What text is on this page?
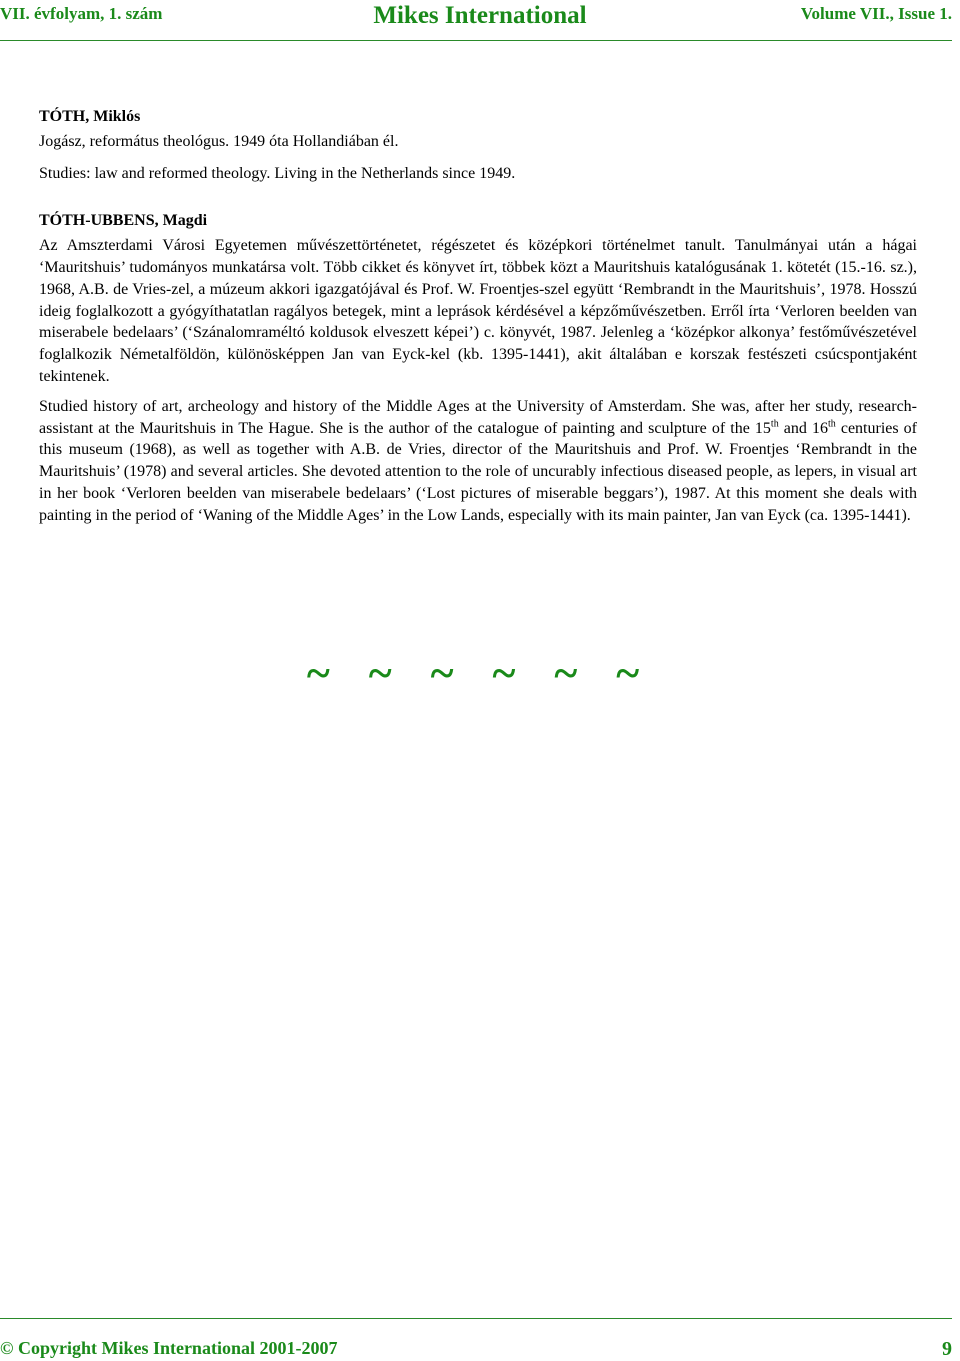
VII. évfolyam, 1. szám	Mikes International	Volume VII., Issue 1.

TÓTH, Miklós

Jogász, református theológus. 1949 óta Hollandiában él.

Studies: law and reformed theology. Living in the Netherlands since 1949.

TÓTH-UBBENS, Magdi

Az Amszterdami Városi Egyetemen művészettörténetet, régészetet és középkori történelmet tanult. Tanulmányai után a hágai ‘Mauritshuis’ tudományos munkatársa volt. Több cikket és könyvet írt, többek közt a Mauritshuis katalógusának 1. kötetét (15.-16. sz.), 1968, A.B. de Vries-zel, a múzeum akkori igazgatójával és Prof. W. Froentjes-szel együtt ‘Rembrandt in the Mauritshuis’, 1978. Hosszú ideig foglalkozott a gyógyíthatatlan ragályos betegek, mint a leprások kérdésével a képzőművészetben. Erről írta ‘Verloren beelden van miserabele bedelaars’ (‘Szánalomraméltó koldusok elveszett képei’) c. könyvét, 1987. Jelenleg a ‘középkor alkonya’ festőművészetével foglalkozik Németalföldön, különösképpen Jan van Eyck-kel (kb. 1395-1441), akit általában e korszak festészeti csúcspontjaként tekintenek.

Studied history of art, archeology and history of the Middle Ages at the University of Amsterdam. She was, after her study, research-assistant at the Mauritshuis in The Hague. She is the author of the catalogue of painting and sculpture of the 15th and 16th centuries of this museum (1968), as well as together with A.B. de Vries, director of the Mauritshuis and Prof. W. Froentjes ‘Rembrandt in the Mauritshuis’ (1978) and several articles. She devoted attention to the role of uncurably infectious diseased people, as lepers, in visual art in her book ‘Verloren beelden van miserabele bedelaars’ (‘Lost pictures of miserable beggars’), 1987. At this moment she deals with painting in the period of ‘Waning of the Middle Ages’ in the Low Lands, especially with its main painter, Jan van Eyck (ca. 1395-1441).

~ ~ ~ ~ ~ ~
© Copyright Mikes International 2001-2007	9
